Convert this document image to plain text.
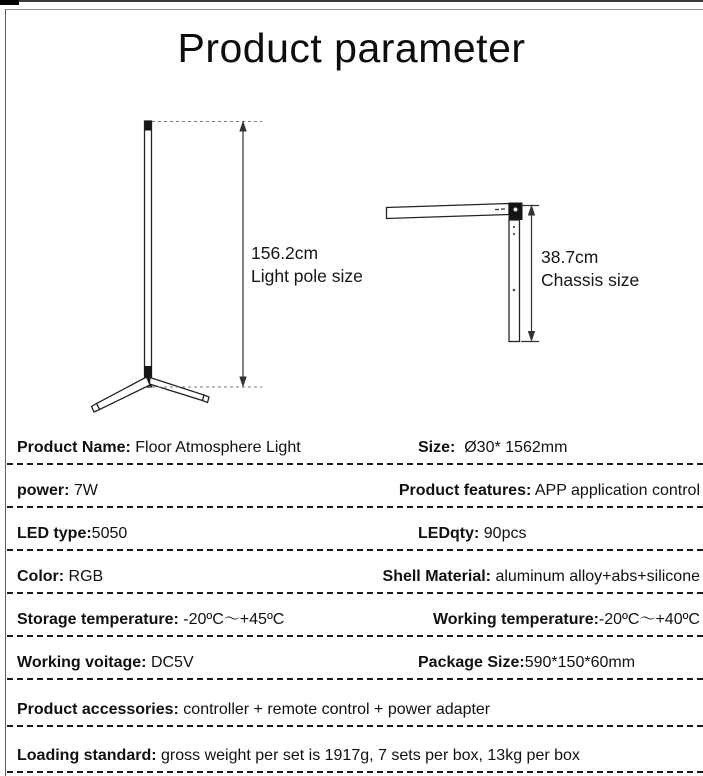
Product parameter
156.2cm
Light pole size
38.7cm
Chassis size
Product Name: Floor Atmosphere Light	Size:  Ø30* 1562mm
power: 7W	Product features: APP application control
LED type:5050	LEDqty: 90pcs
Color: RGB	Shell Material: aluminum alloy+abs+silicone
Storage temperature: -20ºC～+45ºC	Working temperature:-20ºC～+40ºC
Working voitage: DC5V	Package Size:590*150*60mm
Product accessories: controller + remote control + power adapter
Loading standard: gross weight per set is 1917g, 7 sets per box, 13kg per box
